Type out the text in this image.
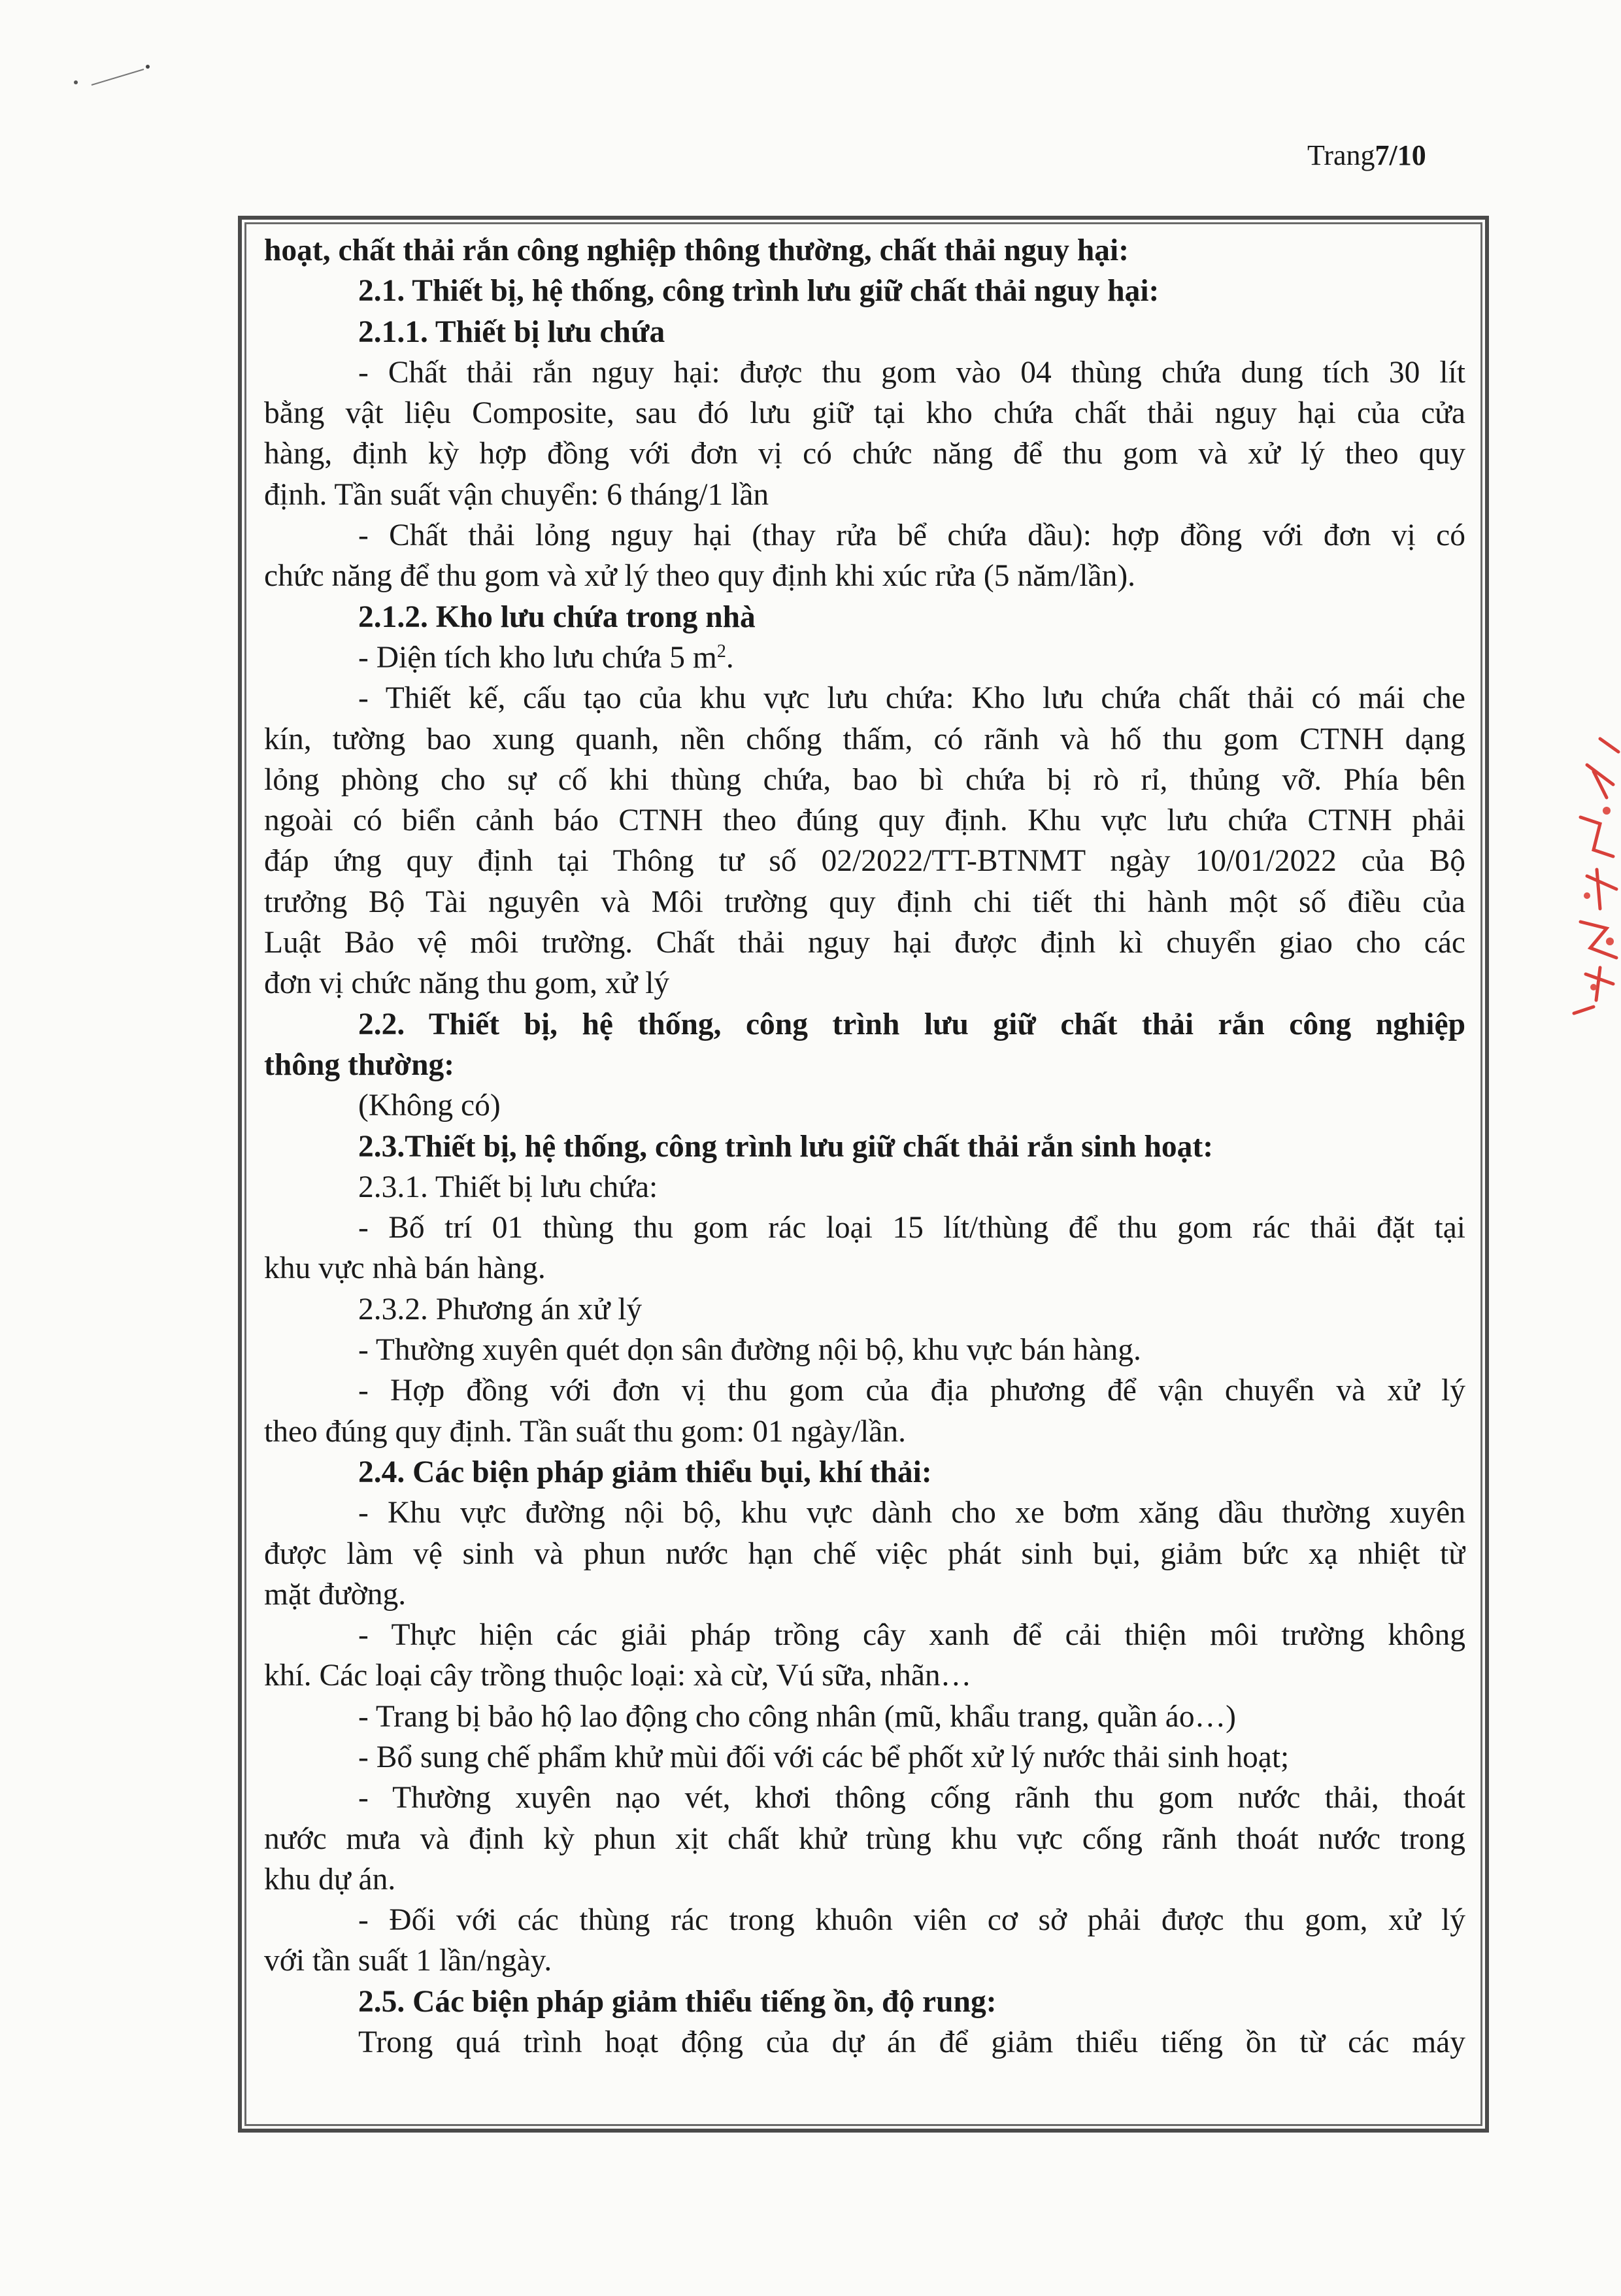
Trang7/10
hoạt, chất thải rắn công nghiệp thông thường, chất thải nguy hại:
2.1. Thiết bị, hệ thống, công trình lưu giữ chất thải nguy hại:
2.1.1. Thiết bị lưu chứa
- Chất thải rắn nguy hại: được thu gom vào 04 thùng chứa dung tích 30 lít
bằng vật liệu Composite, sau đó lưu giữ tại kho chứa chất thải nguy hại của cửa
hàng, định kỳ hợp đồng với đơn vị có chức năng để thu gom và xử lý theo quy
định. Tần suất vận chuyển: 6 tháng/1 lần
- Chất thải lỏng nguy hại (thay rửa bể chứa dầu): hợp đồng với đơn vị có
chức năng để thu gom và xử lý theo quy định khi xúc rửa (5 năm/lần).
2.1.2. Kho lưu chứa trong nhà
- Diện tích kho lưu chứa 5 $m^2$.
- Thiết kế, cấu tạo của khu vực lưu chứa: Kho lưu chứa chất thải có mái che
kín, tường bao xung quanh, nền chống thấm, có rãnh và hố thu gom CTNH dạng
lỏng phòng cho sự cố khi thùng chứa, bao bì chứa bị rò rỉ, thủng vỡ. Phía bên
ngoài có biển cảnh báo CTNH theo đúng quy định. Khu vực lưu chứa CTNH phải
đáp ứng quy định tại Thông tư số 02/2022/TT-BTNMT ngày 10/01/2022 của Bộ
trưởng Bộ Tài nguyên và Môi trường quy định chi tiết thi hành một số điều của
Luật Bảo vệ môi trường. Chất thải nguy hại được định kì chuyển giao cho các
đơn vị chức năng thu gom, xử lý
2.2. Thiết bị, hệ thống, công trình lưu giữ chất thải rắn công nghiệp
thông thường:
(Không có)
2.3.Thiết bị, hệ thống, công trình lưu giữ chất thải rắn sinh hoạt:
2.3.1. Thiết bị lưu chứa:
- Bố trí 01 thùng thu gom rác loại 15 lít/thùng để thu gom rác thải đặt tại
khu vực nhà bán hàng.
2.3.2. Phương án xử lý
- Thường xuyên quét dọn sân đường nội bộ, khu vực bán hàng.
- Hợp đồng với đơn vị thu gom của địa phương để vận chuyển và xử lý
theo đúng quy định. Tần suất thu gom: 01 ngày/lần.
2.4. Các biện pháp giảm thiểu bụi, khí thải:
- Khu vực đường nội bộ, khu vực dành cho xe bơm xăng dầu thường xuyên
được làm vệ sinh và phun nước hạn chế việc phát sinh bụi, giảm bức xạ nhiệt từ
mặt đường.
- Thực hiện các giải pháp trồng cây xanh để cải thiện môi trường không
khí. Các loại cây trồng thuộc loại: xà cừ, Vú sữa, nhãn…
- Trang bị bảo hộ lao động cho công nhân (mũ, khẩu trang, quần áo…)
- Bổ sung chế phẩm khử mùi đối với các bể phốt xử lý nước thải sinh hoạt;
- Thường xuyên nạo vét, khơi thông cống rãnh thu gom nước thải, thoát
nước mưa và định kỳ phun xịt chất khử trùng khu vực cống rãnh thoát nước trong
khu dự án.
- Đối với các thùng rác trong khuôn viên cơ sở phải được thu gom, xử lý
với tần suất 1 lần/ngày.
2.5. Các biện pháp giảm thiểu tiếng ồn, độ rung:
Trong quá trình hoạt động của dự án để giảm thiểu tiếng ồn từ các máy
